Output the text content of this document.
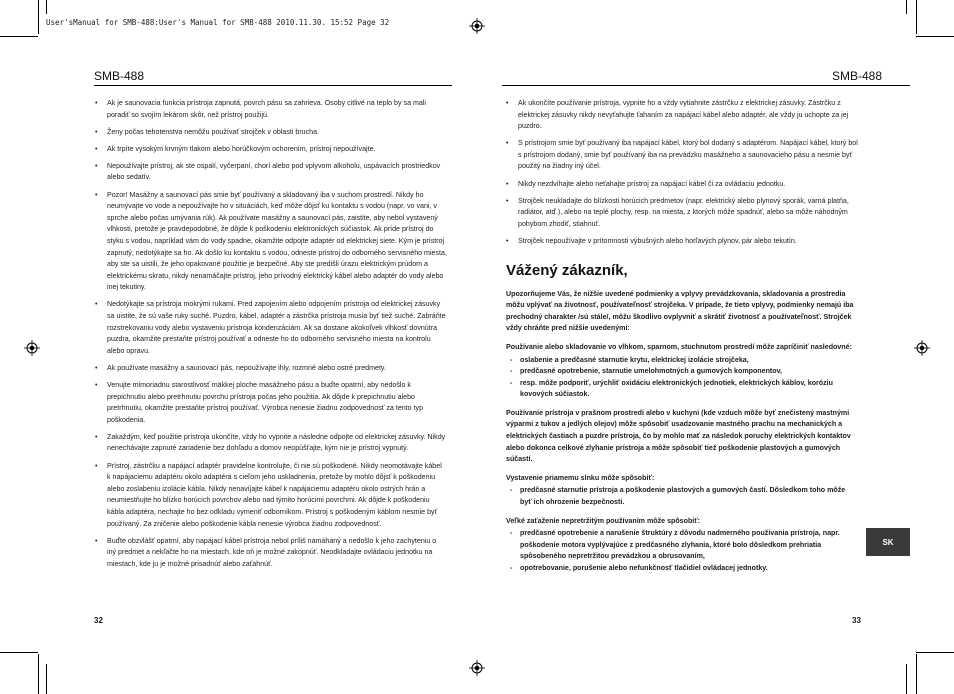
User'sManual for SMB-488:User's Manual for SMB-488 2010.11.30. 15:52 Page 32
SMB-488	SMB-488
• Ak je saunovacia funkcia prístroja zapnutá, povrch pásu sa zahrieva. Osoby citlivé na teplo by sa mali poradiť so svojím lekárom skôr, než prístroj použijú.
• Ženy počas tehotenstva nemôžu používať strojček v oblasti brucha.
• Ak trpíte vysokým krvným tlakom alebo horúčkovým ochorením, prístroj nepoužívajte.
• Nepoužívajte prístroj, ak ste ospalí, vyčerpaní, chorí alebo pod vplyvom alkoholu, uspávacích prostriedkov alebo sedatív.
• Pozor! Masážny a saunovací pás smie byť používaný a skladovaný iba v suchom prostredí. Nikdy ho neumývajte vo vode a nepoužívajte ho v situáciách, keď môže dôjsť ku kontaktu s vodou (napr. vo vani, v sprche alebo počas umývania rúk). Ak používate masážny a saunovací pás, zaistite, aby nebol vystavený vlhkosti, pretože je pravdepodobné, že dôjde k poškodeniu elektronických súčiastok. Ak príde prístroj do styku s vodou, napríklad vám do vody spadne, okamžite odpojte adaptér od elektrickej siete. Kým je prístroj zapnutý, nedotýkajte sa ho. Ak došlo ku kontaktu s vodou, odneste prístroj do odborného servisného miesta, aby ste sa uistili, že jeho opakované použitie je bezpečné. Aby ste predišli úrazu elektrickým prúdom a elektrickému skratu, nikdy nenamáčajte prístroj, jeho prívodný elektrický kábel alebo adaptér do vody alebo inej tekutiny.
• Nedotýkajte sa prístroja mokrými rukami. Pred zapojením alebo odpojením prístroja od elektrickej zásuvky sa uistite, že sú vaše ruky suché. Puzdro, kábel, adaptér a zástrčka prístroja musia byť tiež suché. Zabráňte rozstrekovaniu vody alebo vystaveniu prístroja kondenzáciám. Ak sa dostane akokoľvek vlhkosť dovnútra puzdra, okamžite prestaňte prístroj používať a odneste ho do odborného servisného miesta na kontrolu alebo opravu.
• Ak používate masážny a saunovací pás, nepoužívajte ihly, rozmné alebo ostré predmety.
• Venujte mimoriadnu starostlivosť mäkkej ploche masážneho pásu a buďte opatrní, aby nedošlo k prepichnutiu alebo pretrhnutiu povrchu prístroja počas jeho použitia. Ak dôjde k prepichnutiu alebo pretrhnutiu, okamžite prestaňte prístroj používať. Výrobca nenesie žiadnu zodpovednosť za tento typ poškodenia.
• Zakaždým, keď použitie prístroja ukončíte, vždy ho vypnite a následne odpojte od elektrickej zásuvky. Nikdy nenechávajte zapnuté zariadenie bez dohľadu a domov neopúšťajte, kým nie je prístroj vypnutý.
• Prístroj, zástrčku a napájací adaptér pravidelne kontrolujte, či nie sú poškodené. Nikdy neomotávajte kábel k napájaciemu adaptéru okolo adaptéra s cieľom jeho uskladnenia, pretože by mohlo dôjsť k poškodeniu alebo zoslabeniu izolácie kábla. Nikdy nenavíjajte kábel k napájaciemu adaptéru okolo ostrých hrán a neumiestňujte ho blízko horúcich povrchov alebo nad týmito horúcimi povrchmi. Ak dôjde k poškodeniu kábla adaptéra, nechajte ho bez odkladu vymeniť odborníkom. Prístroj s poškodeným káblom nesmie byť používaný. Za zničenie alebo poškodenie kábla nenesie výrobca žiadnu zodpovednosť.
• Buďte obzvlášť opatrní, aby napájací kábel prístroja nebol príliš namáhaný a nedošlo k jeho zachyteniu o iný predmet a nekľačte ho na miestach, kde oň je možné zakopnúť. Neodkladajte ovládaciu jednotku na miestach, kde ju je možné prisadnúť alebo zaťahnúť.
• Ak ukončíte používanie prístroja, vypnite ho a vždy vytiahnite zástrčku z elektrickej zásuvky. Zástrčku z elektrickej zásuvky nikdy nevyťahujte ťahaním za napájací kábel alebo adaptér, ale vždy ju uchopte za jej puzdro.
• S prístrojom smie byť používaný iba napájací kábel, ktorý bol dodaný s adaptérom. Napájací kábel, ktorý bol s prístrojom dodaný, smie byť používaný iba na prevádzku masážneho a saunovacieho pásu a nesmie byť použitý na žiadny iný účel.
• Nikdy nezdvíhajte alebo neťahajte prístroj za napájací kábel či za ovládaciu jednotku.
• Strojček neukladajte do blízkosti horúcich predmetov (napr. elektrický alebo plynový sporák, varná platňa, radiátor, atď.), alebo na teplé plochy, resp. na miesta, z ktorých môže spadnúť, alebo sa môže náhodným pohybom zhodiť, stiahnuť.
• Strojček nepoužívajte v prítomnosti výbušných alebo horľavých plynov, pár alebo tekutín.
Vážený zákazník,

Upozorňujeme Vás, že nižšie uvedené podmienky a vplyvy prevádzkovania, skladovania a prostredia môžu vplývať na životnosť, používateľnosť strojčeka. V prípade, že tieto vplyvy, podmienky nemajú iba prechodný charakter /sú stále/, môžu škodlivo ovplyvniť a skrátiť životnosť a používateľnosť. Strojček vždy chráňte pred nižšie uvedenými:

Používanie alebo skladovanie vo vlhkom, sparnom, stuchnutom prostredí môže zapríčiniť nasledovné:

- oslabenie a predčasné starnutie krytu, elektrickej izolácie strojčeka,
- predčasné opotrebenie, starnutie umelohmotných a gumových komponentov,
- resp. môže podporiť, urýchliť oxidáciu elektronických jednotiek, elektrických káblov, koróziu kovových súčiastok.

Používanie prístroja v prašnom prostredí alebo v kuchyni (kde vzduch môže byť znečistený mastnými výparmi z tukov a jedlých olejov) môže spôsobiť usadzovanie mastného prachu na mechanických a elektrických častiach a puzdre prístroja, čo by mohlo mať za následok poruchy elektrických kontaktov alebo dokonca celkové zlyhanie prístroja a môže spôsobiť tiež poškodenie plastových a gumových súčastí.

Vystavenie priamemu slnku môže spôsobiť:

- predčasné starnutie prístroja a poškodenie plastových a gumových častí. Dôsledkom toho môže byť ich ohrozenie bezpečnosti.

Veľké zaťaženie nepretržitým používaním môže spôsobiť:

- predčasné opotrebenie a narušenie štruktúry z dôvodu nadmerného používania prístroja, napr. poškodenie motora vyplývajúce z predčasného zlyhania, ktoré bolo dôsledkom prehriatia spôsobeného nepretržitou prevádzkou a obrusovaním,
- opotrebovanie, porušenie alebo nefunkčnosť tlačidiel ovládacej jednotky.
SK
32	33
